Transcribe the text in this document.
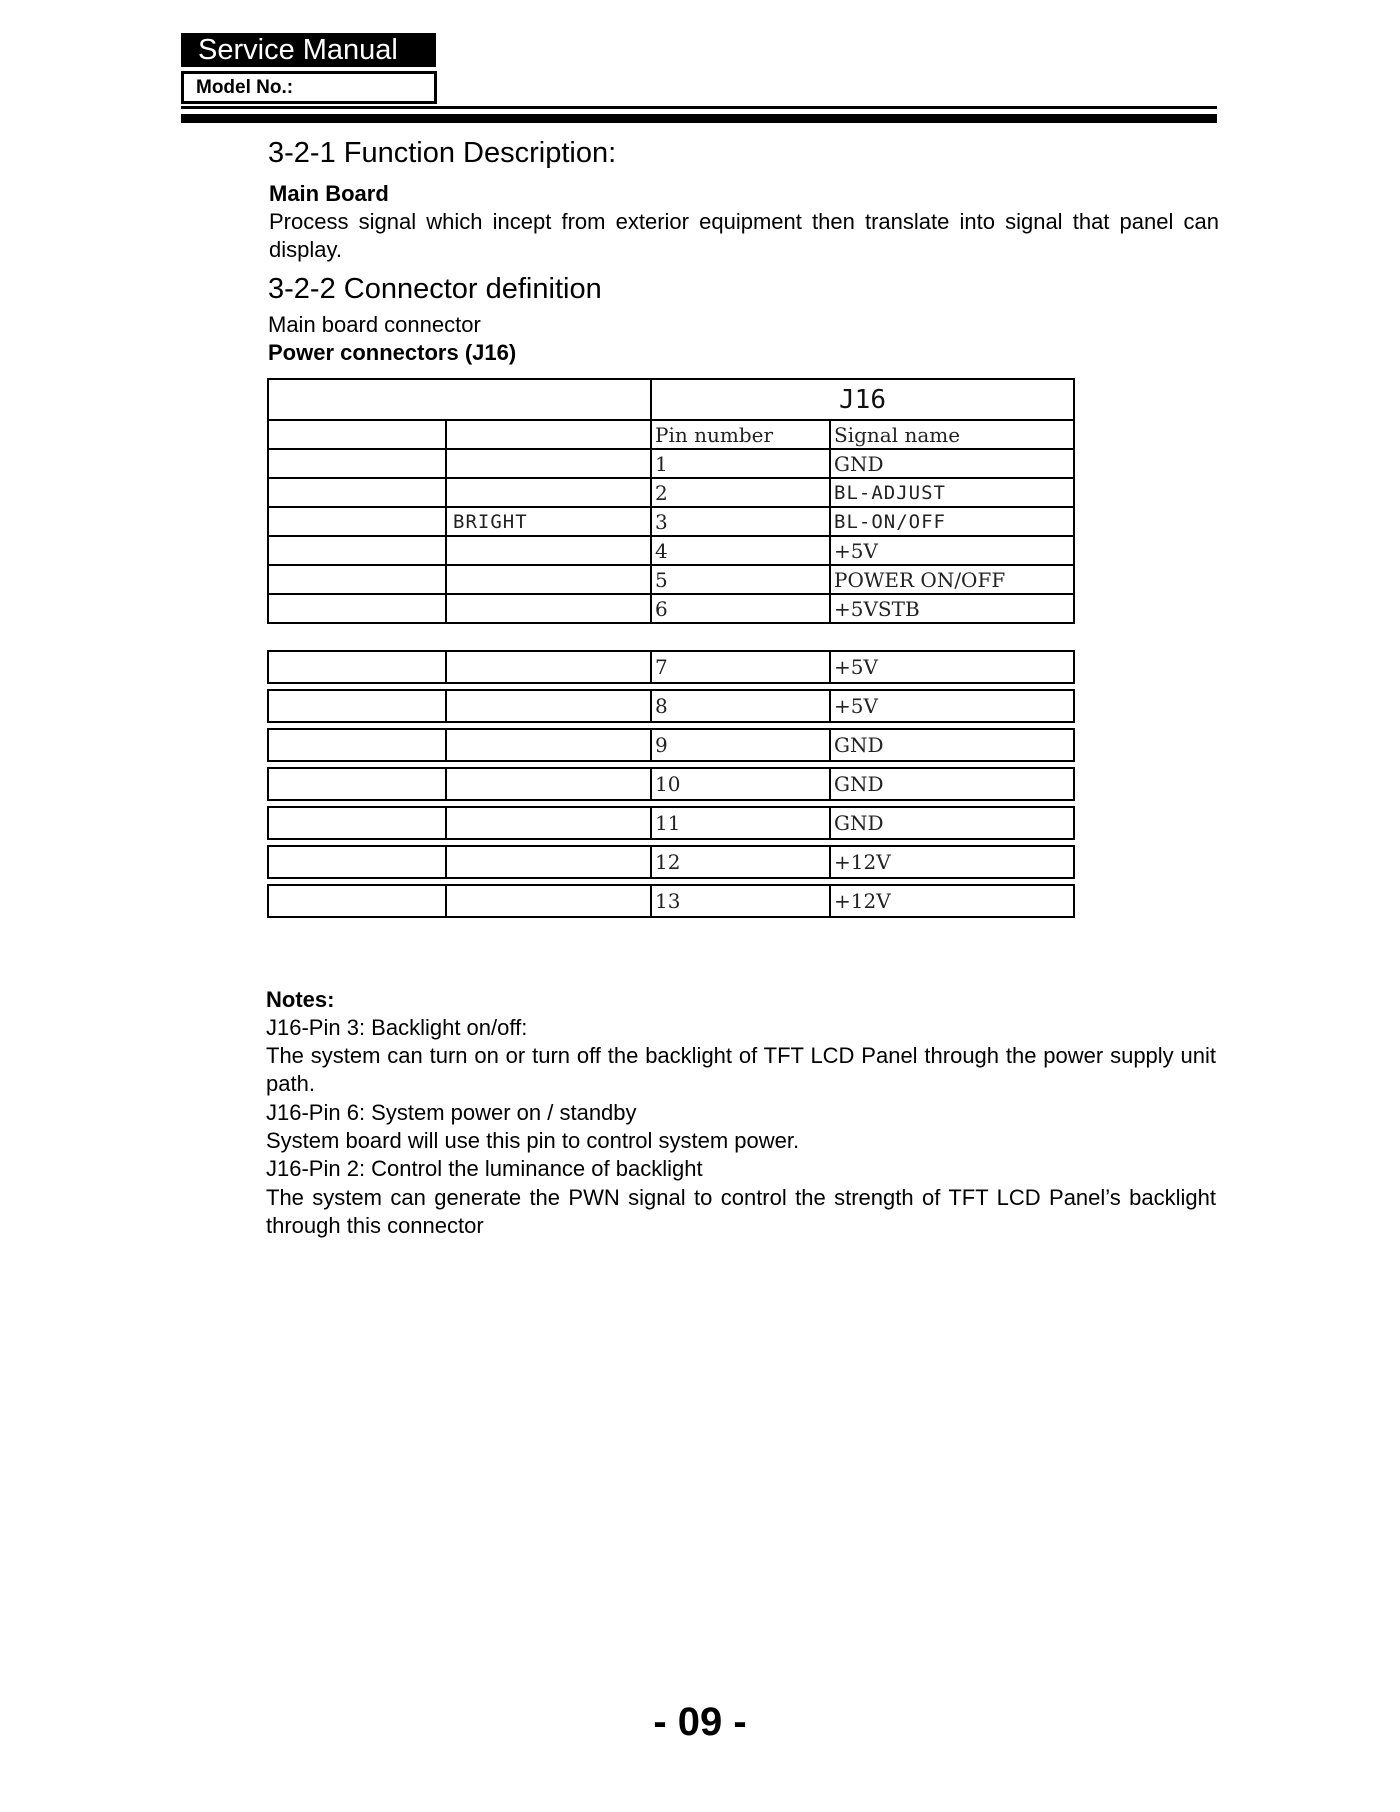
Service Manual
Model No.:
3-2-1 Function Description:
Main Board
Process signal which incept from exterior equipment then translate into signal that panel can display.
3-2-2 Connector definition
Main board connector
Power connectors (J16)
		J16	
		Pin number	Signal name
		1	GND
		2	BL-ADJUST
	BRIGHT	3	BL-ON/OFF
		4	+5V
		5	POWER ON/OFF
		6	+5VSTB
		7	+5V
		8	+5V
		9	GND
		10	GND
		11	GND
		12	+12V
		13	+12V
Notes:
J16-Pin 3: Backlight on/off:
The system can turn on or turn off the backlight of TFT LCD Panel through the power supply unit path.
J16-Pin 6: System power on / standby
System board will use this pin to control system power.
J16-Pin 2: Control the luminance of backlight
The system can generate the PWN signal to control the strength of TFT LCD Panel’s backlight through this connector
- 09 -
